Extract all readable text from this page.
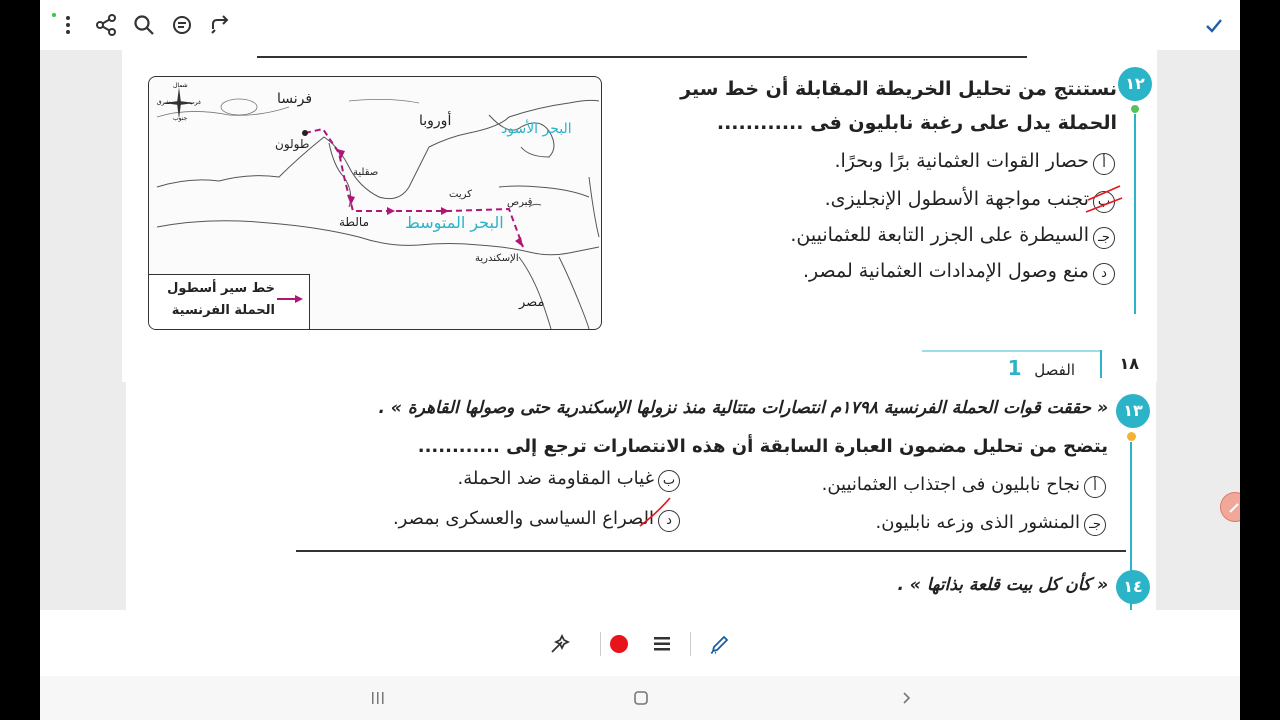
١٢
نستنتج من تحليل الخريطة المقابلة أن خط سير
الحملة يدل على رغبة نابليون فى ............
أحصار القوات العثمانية برًا وبحرًا.
بتجنب مواجهة الأسطول الإنجليزى.
جـالسيطرة على الجزر التابعة للعثمانيين.
دمنع وصول الإمدادات العثمانية لمصر.
شمال
شرق	غرب
جنوب
فرنسا
أوروبا	البحر الأسود
طولون
صقلية
كريت
قبرص
مالطة البحر المتوسط
الإسكندرية
مصر
خط سير أسطول
الحملة الفرنسية
الفصل 1	١٨
١٣
« حققت قوات الحملة الفرنسية ١٧٩٨م انتصارات متتالية منذ نزولها الإسكندرية حتى وصولها القاهرة » .
يتضح من تحليل مضمون العبارة السابقة أن هذه الانتصارات ترجع إلى ............
أنجاح نابليون فى اجتذاب العثمانيين.
بغياب المقاومة ضد الحملة.
جـالمنشور الذى وزعه نابليون.
دالصراع السياسى والعسكرى بمصر.
١٤
« كأن كل بيت قلعة بذاتها » .
